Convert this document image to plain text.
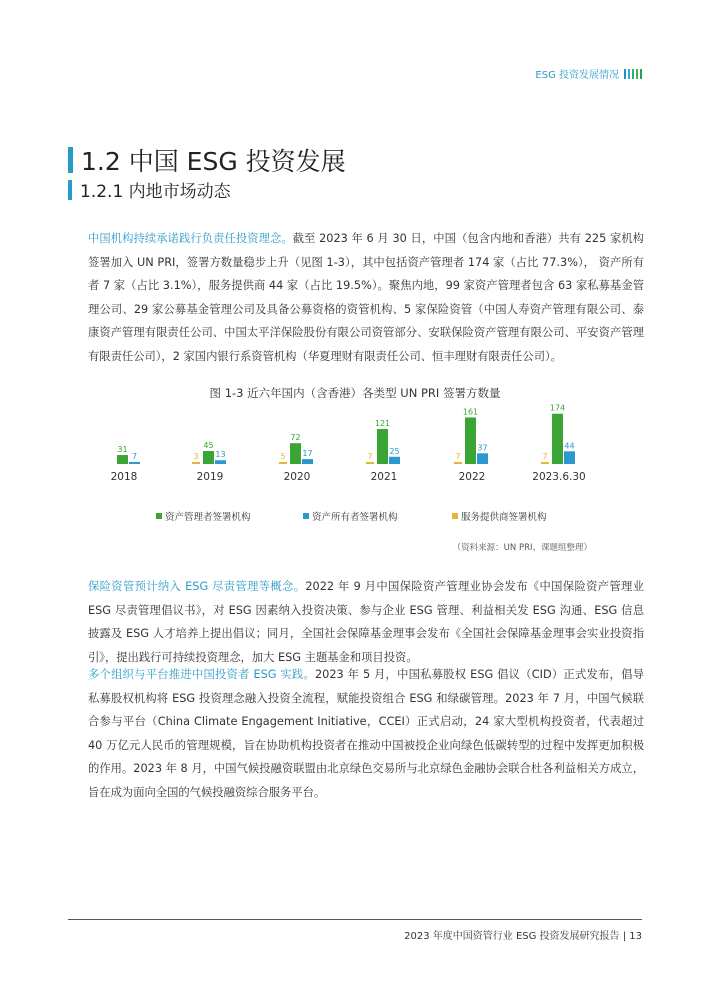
ESG 投资发展情况
1.2 中国 ESG 投资发展
1.2.1 内地市场动态

中国机构持续承诺践行负责任投资理念。截至 2023 年 6 月 30 日，中国（包含内地和香港）共有 225 家机构签署加入 UN PRI，签署方数量稳步上升（见图 1-3），其中包括资产管理者 174 家（占比 77.3%）， 资产所有者 7 家（占比 3.1%），服务提供商 44 家（占比 19.5%）。聚焦内地，99 家资产管理者包含 63 家私募基金管理公司、29 家公募基金管理公司及具备公募资格的资管机构、5 家保险资管（中国人寿资产管理有限公司、泰康资产管理有限责任公司、中国太平洋保险股份有限公司资管部分、安联保险资产管理有限公司、平安资产管理有限责任公司），2 家国内银行系资管机构（华夏理财有限责任公司、恒丰理财有限责任公司）。

图 1-3 近六年国内（含香港）各类型 UN PRI 签署方数量
31
7
2018
45
13
3
2019
72
17
5
2020
121
25
7
2021
161
37
7
2022
174
44
7
2023.6.30
资产管理者签署机构	资产所有者签署机构	服务提供商签署机构
（资料来源：UN PRI、课题组整理）

保险资管预计纳入 ESG 尽责管理等概念。2022 年 9 月中国保险资产管理业协会发布《中国保险资产管理业 ESG 尽责管理倡议书》，对 ESG 因素纳入投资决策、参与企业 ESG 管理、利益相关发 ESG 沟通、ESG 信息披露及 ESG 人才培养上提出倡议；同月，全国社会保障基金理事会发布《全国社会保障基金理事会实业投资指引》，提出践行可持续投资理念，加大 ESG 主题基金和项目投资。

多个组织与平台推进中国投资者 ESG 实践。2023 年 5 月，中国私募股权 ESG 倡议（CID）正式发布，倡导私募股权机构将 ESG 投资理念融入投资全流程，赋能投资组合 ESG 和绿碳管理。2023 年 7 月，中国气候联合参与平台（China Climate Engagement Initiative，CCEI）正式启动，24 家大型机构投资者，代表超过 40 万亿元人民币的管理规模，旨在协助机构投资者在推动中国被投企业向绿色低碳转型的过程中发挥更加积极的作用。2023 年 8 月，中国气候投融资联盟由北京绿色交易所与北京绿色金融协会联合杜各利益相关方成立，旨在成为面向全国的气候投融资综合服务平台。

2023 年度中国资管行业 ESG 投资发展研究报告 | 13
